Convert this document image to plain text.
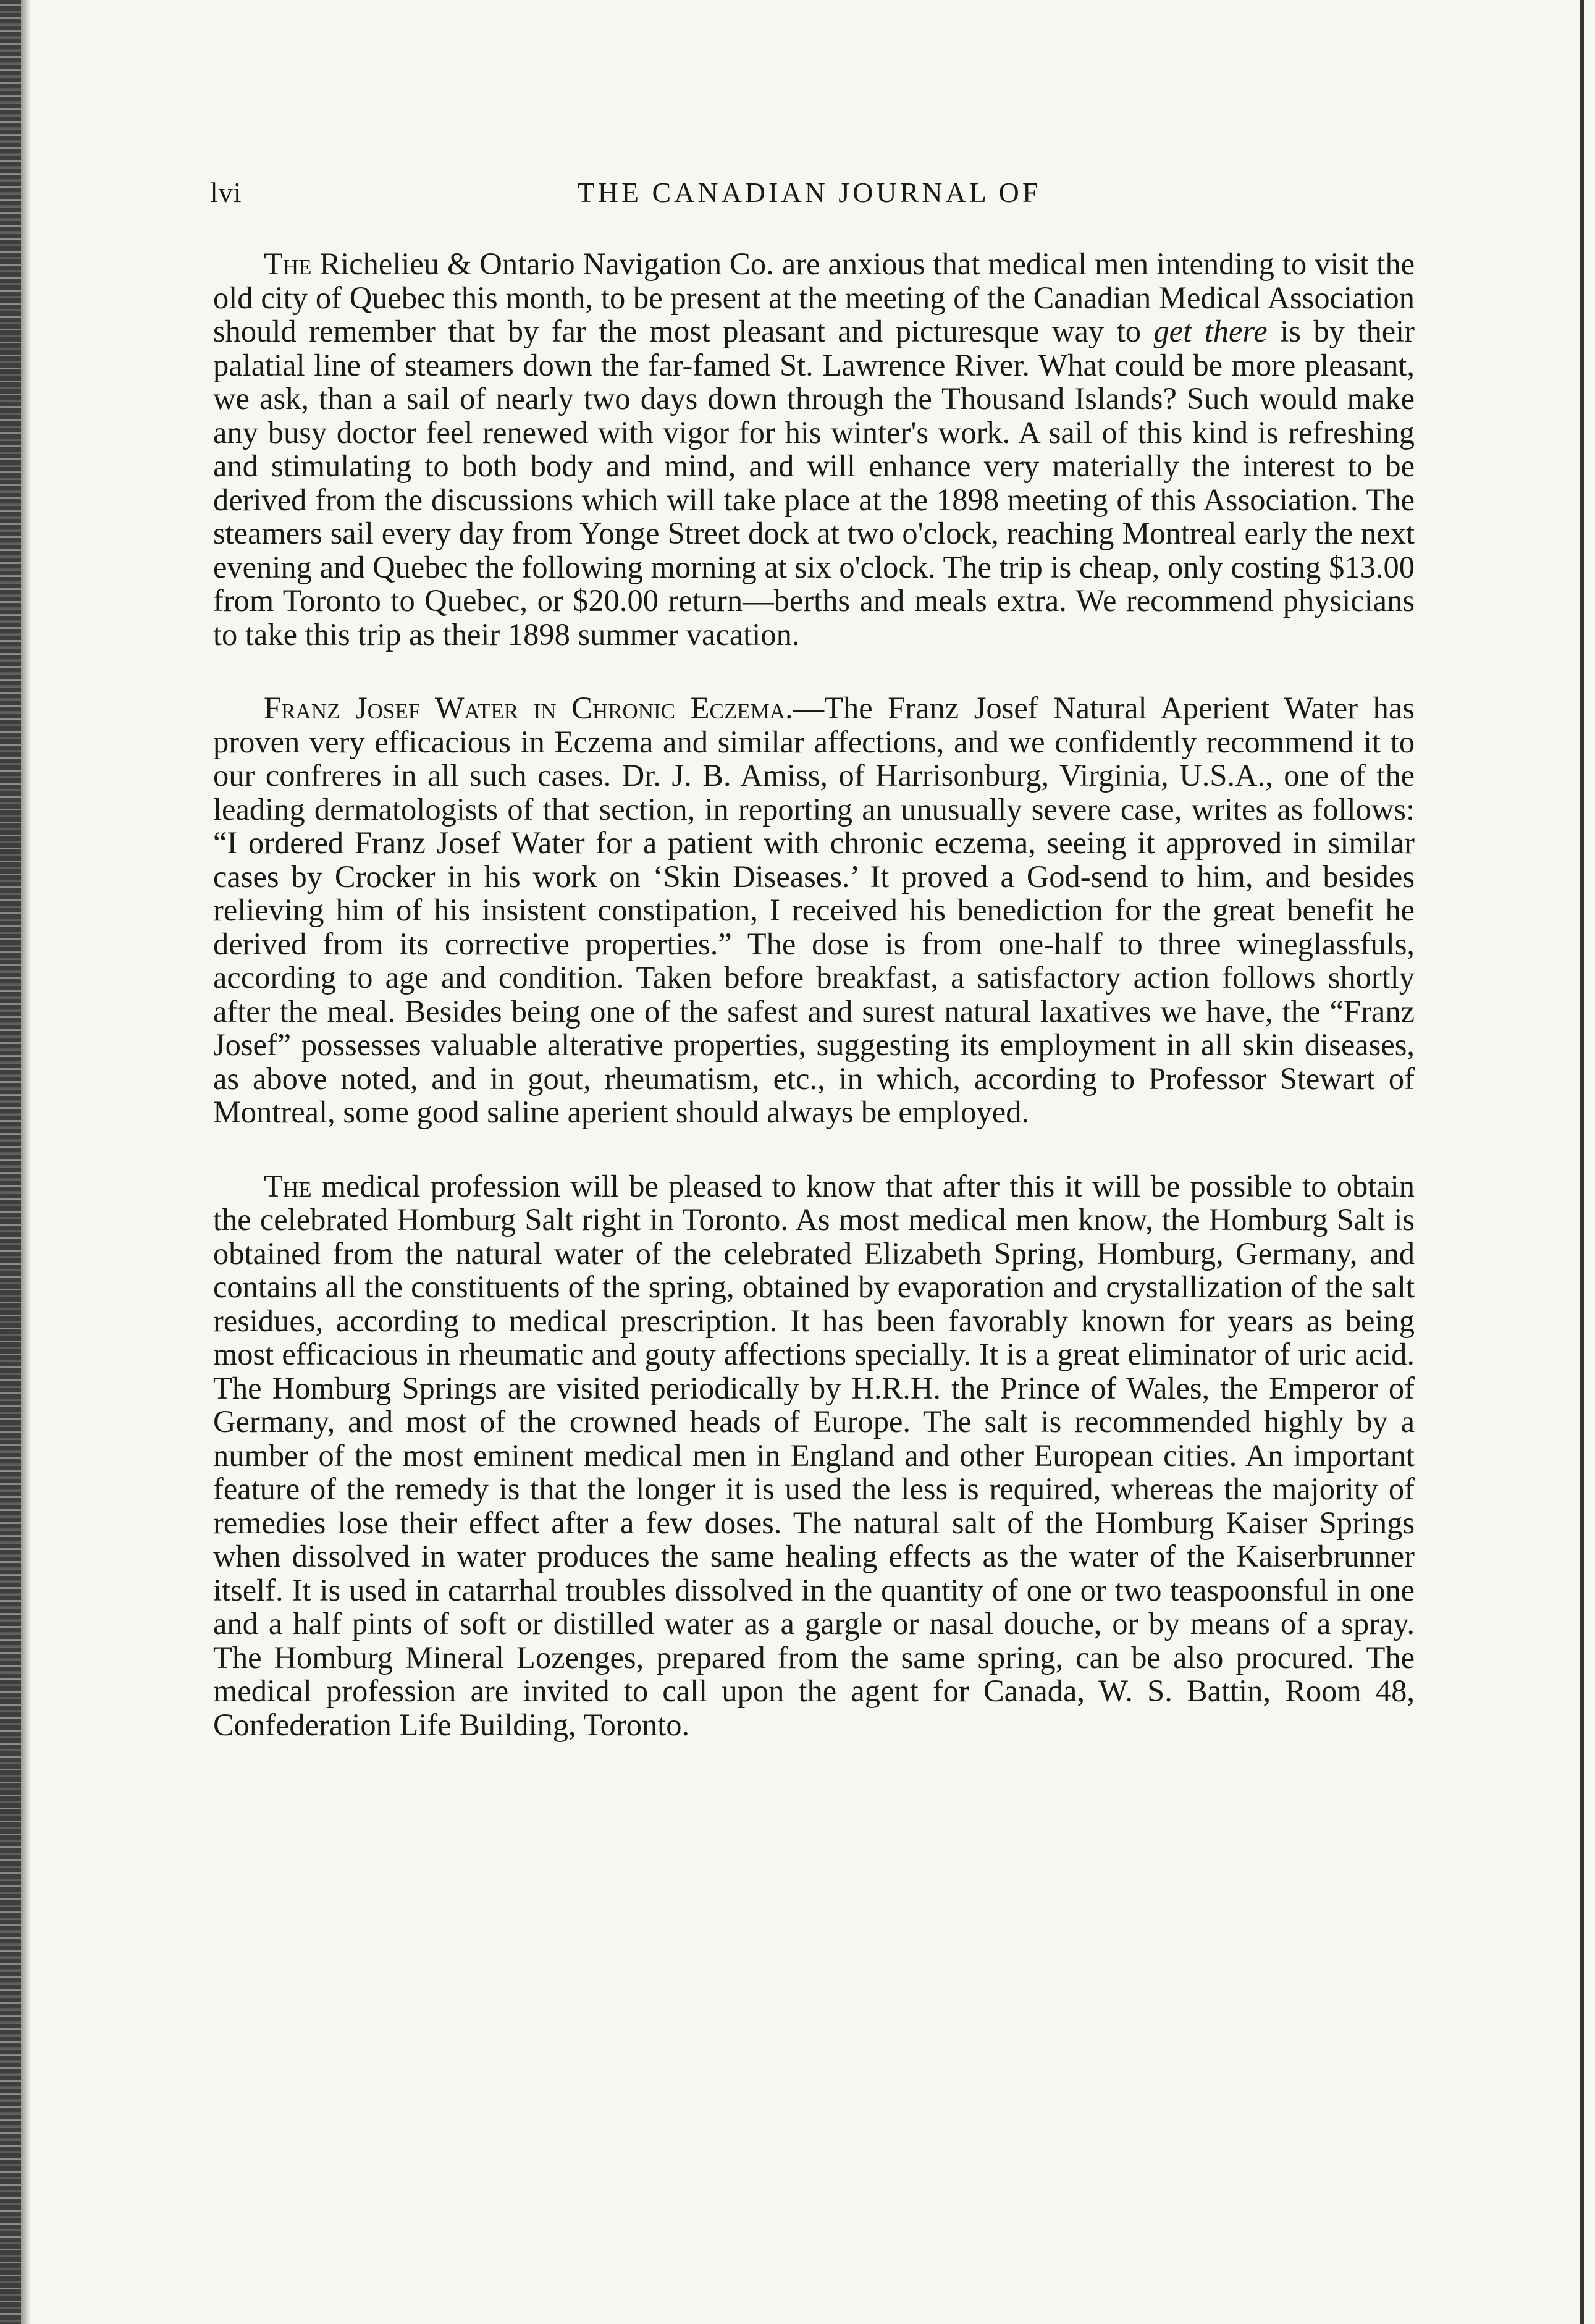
lvi	THE CANADIAN JOURNAL OF

The Richelieu & Ontario Navigation Co. are anxious that medical men intending to visit the old city of Quebec this month, to be present at the meeting of the Canadian Medical Association should remember that by far the most pleasant and picturesque way to get there is by their palatial line of steamers down the far-famed St. Lawrence River. What could be more pleasant, we ask, than a sail of nearly two days down through the Thousand Islands? Such would make any busy doctor feel renewed with vigor for his winter's work. A sail of this kind is refreshing and stimulating to both body and mind, and will enhance very materially the interest to be derived from the discussions which will take place at the 1898 meeting of this Association. The steamers sail every day from Yonge Street dock at two o'clock, reaching Montreal early the next evening and Quebec the following morning at six o'clock. The trip is cheap, only costing $13.00 from Toronto to Quebec, or $20.00 return—berths and meals extra. We recommend physicians to take this trip as their 1898 summer vacation.

Franz Josef Water in Chronic Eczema.—The Franz Josef Natural Aperient Water has proven very efficacious in Eczema and similar affections, and we confidently recommend it to our confreres in all such cases. Dr. J. B. Amiss, of Harrisonburg, Virginia, U.S.A., one of the leading dermatologists of that section, in reporting an unusually severe case, writes as follows: “I ordered Franz Josef Water for a patient with chronic eczema, seeing it approved in similar cases by Crocker in his work on ‘Skin Diseases.’ It proved a God-send to him, and besides relieving him of his insistent constipation, I received his benediction for the great benefit he derived from its corrective properties.” The dose is from one-half to three wineglassfuls, according to age and condition. Taken before breakfast, a satisfactory action follows shortly after the meal. Besides being one of the safest and surest natural laxatives we have, the “Franz Josef” possesses valuable alterative properties, suggesting its employment in all skin diseases, as above noted, and in gout, rheumatism, etc., in which, according to Professor Stewart of Montreal, some good saline aperient should always be employed.

The medical profession will be pleased to know that after this it will be possible to obtain the celebrated Homburg Salt right in Toronto. As most medical men know, the Homburg Salt is obtained from the natural water of the celebrated Elizabeth Spring, Homburg, Germany, and contains all the constituents of the spring, obtained by evaporation and crystallization of the salt residues, according to medical prescription. It has been favorably known for years as being most efficacious in rheumatic and gouty affections specially. It is a great eliminator of uric acid. The Homburg Springs are visited periodically by H.R.H. the Prince of Wales, the Emperor of Germany, and most of the crowned heads of Europe. The salt is recommended highly by a number of the most eminent medical men in England and other European cities. An important feature of the remedy is that the longer it is used the less is required, whereas the majority of remedies lose their effect after a few doses. The natural salt of the Homburg Kaiser Springs when dissolved in water produces the same healing effects as the water of the Kaiserbrunner itself. It is used in catarrhal troubles dissolved in the quantity of one or two teaspoonsful in one and a half pints of soft or distilled water as a gargle or nasal douche, or by means of a spray. The Homburg Mineral Lozenges, prepared from the same spring, can be also procured. The medical profession are invited to call upon the agent for Canada, W. S. Battin, Room 48, Confederation Life Building, Toronto.
